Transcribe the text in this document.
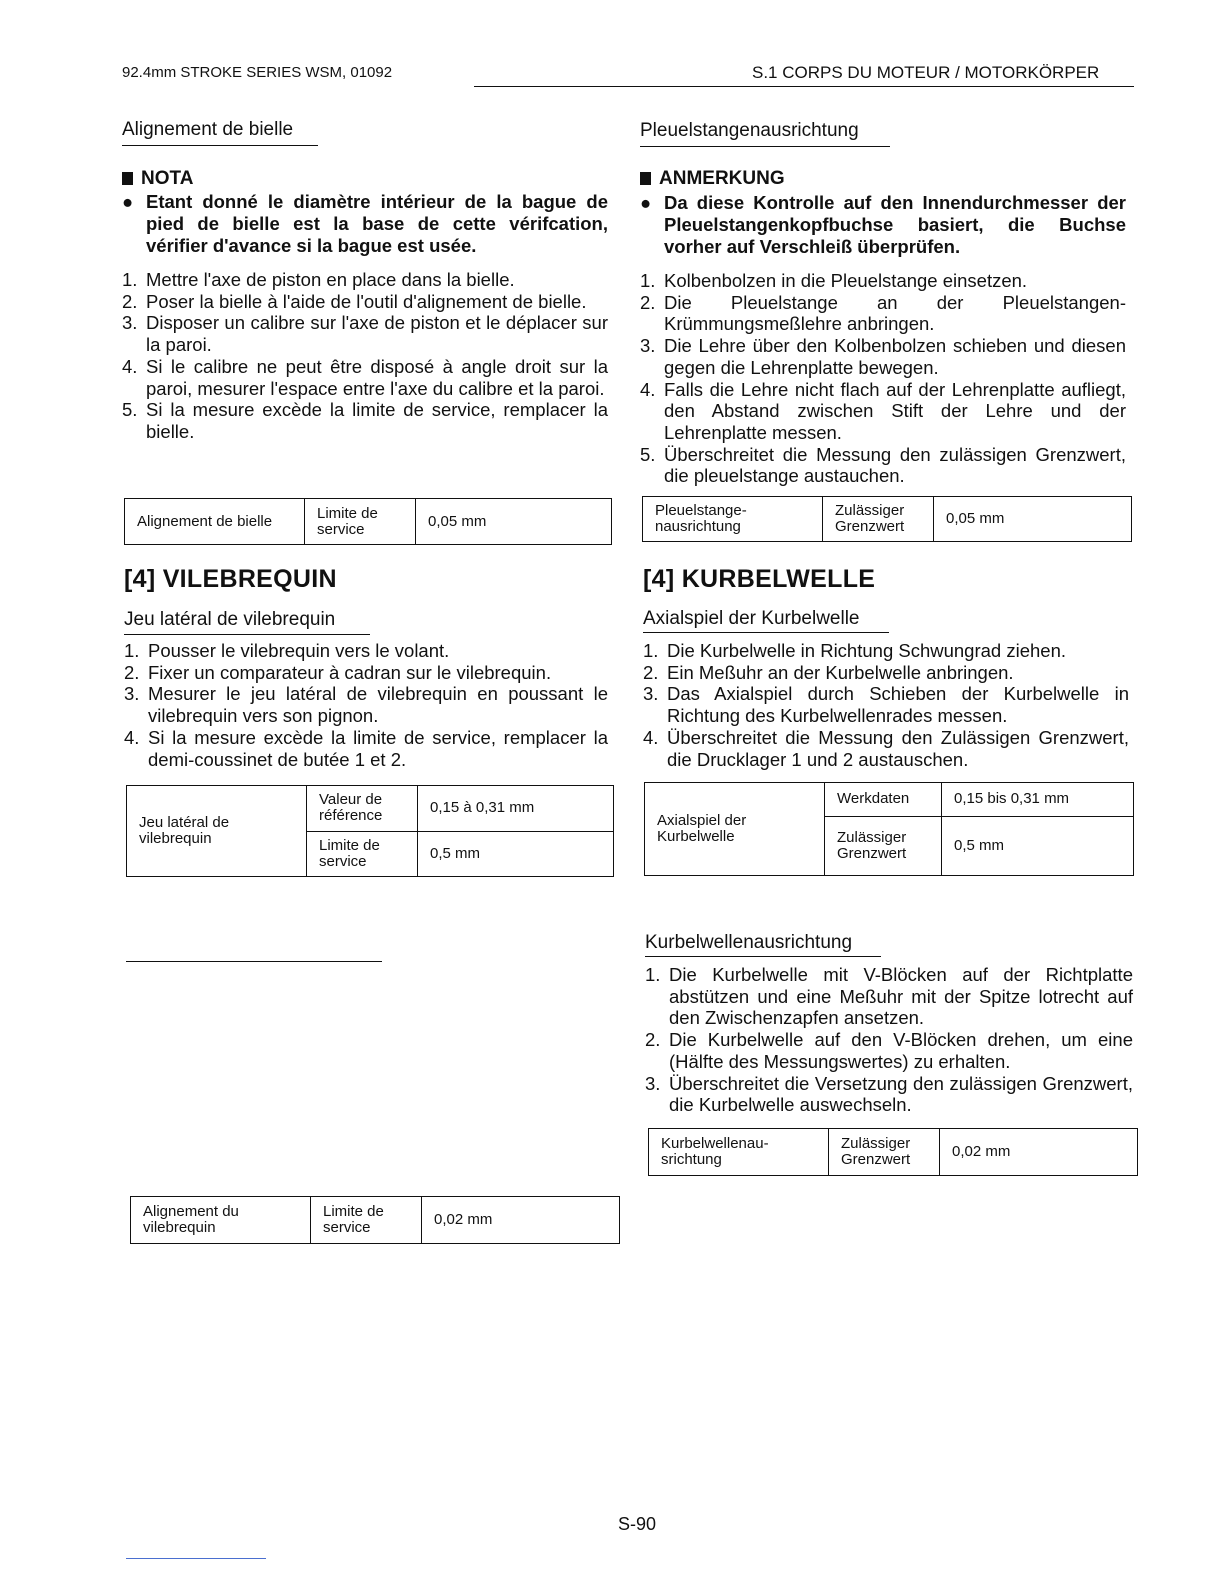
92.4mm STROKE SERIES WSM, 01092	S.1 CORPS DU MOTEUR / MOTORKÖRPER
Alignement de bielle
NOTA
● Etant donné le diamètre intérieur de la bague de pied de bielle est la base de cette vérifcation, vérifier d'avance si la bague est usée.
1. Mettre l'axe de piston en place dans la bielle.
2. Poser la bielle à l'aide de l'outil d'alignement de bielle.
3. Disposer un calibre sur l'axe de piston et le déplacer sur la paroi.
4. Si le calibre ne peut être disposé à angle droit sur la paroi, mesurer l'espace entre l'axe du calibre et la paroi.
5. Si la mesure excède la limite de service, remplacer la bielle.
Alignement de bielle	Limite de service	0,05 mm
[4] VILEBREQUIN
Jeu latéral de vilebrequin
1. Pousser le vilebrequin vers le volant.
2. Fixer un comparateur à cadran sur le vilebrequin.
3. Mesurer le jeu latéral de vilebrequin en poussant le vilebrequin vers son pignon.
4. Si la mesure excède la limite de service, remplacer la demi-coussinet de butée 1 et 2.
Jeu latéral de vilebrequin	Valeur de référence	0,15 à 0,31 mm
	Limite de service	0,5 mm
Alignement du vilebrequin	Limite de service	0,02 mm
Pleuelstangenausrichtung
ANMERKUNG
● Da diese Kontrolle auf den Innendurchmesser der Pleuelstangenkopfbuchse basiert, die Buchse vorher auf Verschleiß überprüfen.
1. Kolbenbolzen in die Pleuelstange einsetzen.
2. Die Pleuelstange an der Pleuelstangen-Krümmungsmeßlehre anbringen.
3. Die Lehre über den Kolbenbolzen schieben und diesen gegen die Lehrenplatte bewegen.
4. Falls die Lehre nicht flach auf der Lehrenplatte aufliegt, den Abstand zwischen Stift der Lehre und der Lehrenplatte messen.
5. Überschreitet die Messung den zulässigen Grenzwert, die pleuelstange austauchen.
Pleuelstange-nausrichtung	Zulässiger Grenzwert	0,05 mm
[4] KURBELWELLE
Axialspiel der Kurbelwelle
1. Die Kurbelwelle in Richtung Schwungrad ziehen.
2. Ein Meßuhr an der Kurbelwelle anbringen.
3. Das Axialspiel durch Schieben der Kurbelwelle in Richtung des Kurbelwellenrades messen.
4. Überschreitet die Messung den Zulässigen Grenzwert, die Drucklager 1 und 2 austauschen.
Axialspiel der Kurbelwelle	Werkdaten	0,15 bis 0,31 mm
	Zulässiger Grenzwert	0,5 mm
Kurbelwellenausrichtung
1. Die Kurbelwelle mit V-Blöcken auf der Richtplatte abstützen und eine Meßuhr mit der Spitze lotrecht auf den Zwischenzapfen ansetzen.
2. Die Kurbelwelle auf den V-Blöcken drehen, um eine (Hälfte des Messungswertes) zu erhalten.
3. Überschreitet die Versetzung den zulässigen Grenzwert, die Kurbelwelle auswechseln.
Kurbelwellenau-srichtung	Zulässiger Grenzwert	0,02 mm
S-90
